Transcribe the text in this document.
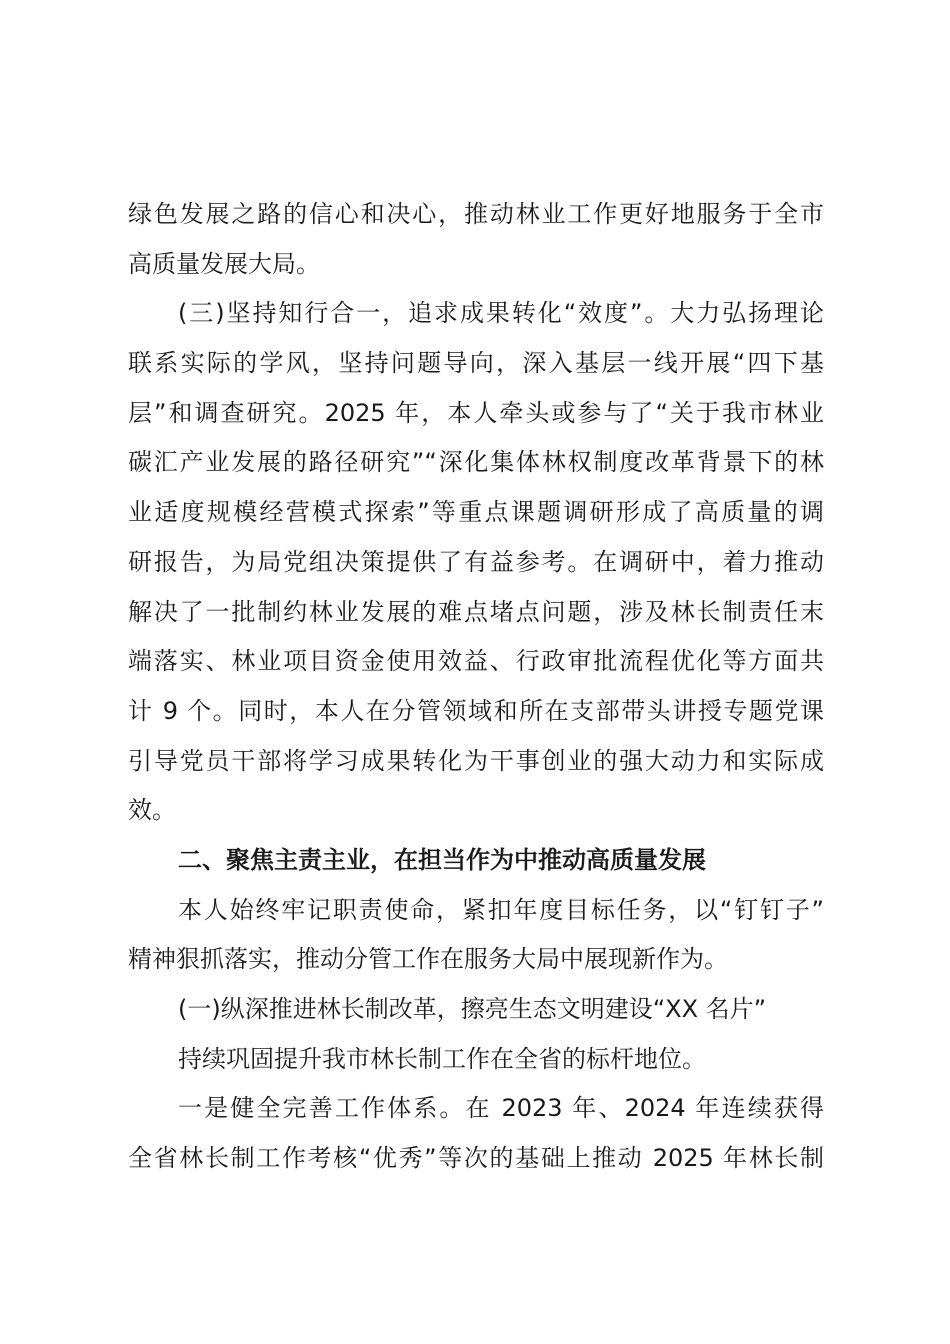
绿色发展之路的信心和决心，推动林业工作更好地服务于全市
高质量发展大局。
(三)坚持知行合一，追求成果转化“效度”。大力弘扬理论
联系实际的学风，坚持问题导向，深入基层一线开展“四下基
层”和调查研究。2025 年，本人牵头或参与了“关于我市林业
碳汇产业发展的路径研究”“深化集体林权制度改革背景下的林
业适度规模经营模式探索”等重点课题调研形成了高质量的调
研报告，为局党组决策提供了有益参考。在调研中，着力推动
解决了一批制约林业发展的难点堵点问题，涉及林长制责任末
端落实、林业项目资金使用效益、行政审批流程优化等方面共
计 9 个。同时，本人在分管领域和所在支部带头讲授专题党课
引导党员干部将学习成果转化为干事创业的强大动力和实际成
效。
二、聚焦主责主业，在担当作为中推动高质量发展
本人始终牢记职责使命，紧扣年度目标任务，以“钉钉子”
精神狠抓落实，推动分管工作在服务大局中展现新作为。
(一)纵深推进林长制改革，擦亮生态文明建设“XX 名片”
持续巩固提升我市林长制工作在全省的标杆地位。
一是健全完善工作体系。在 2023 年、2024 年连续获得
全省林长制工作考核“优秀”等次的基础上推动 2025 年林长制
